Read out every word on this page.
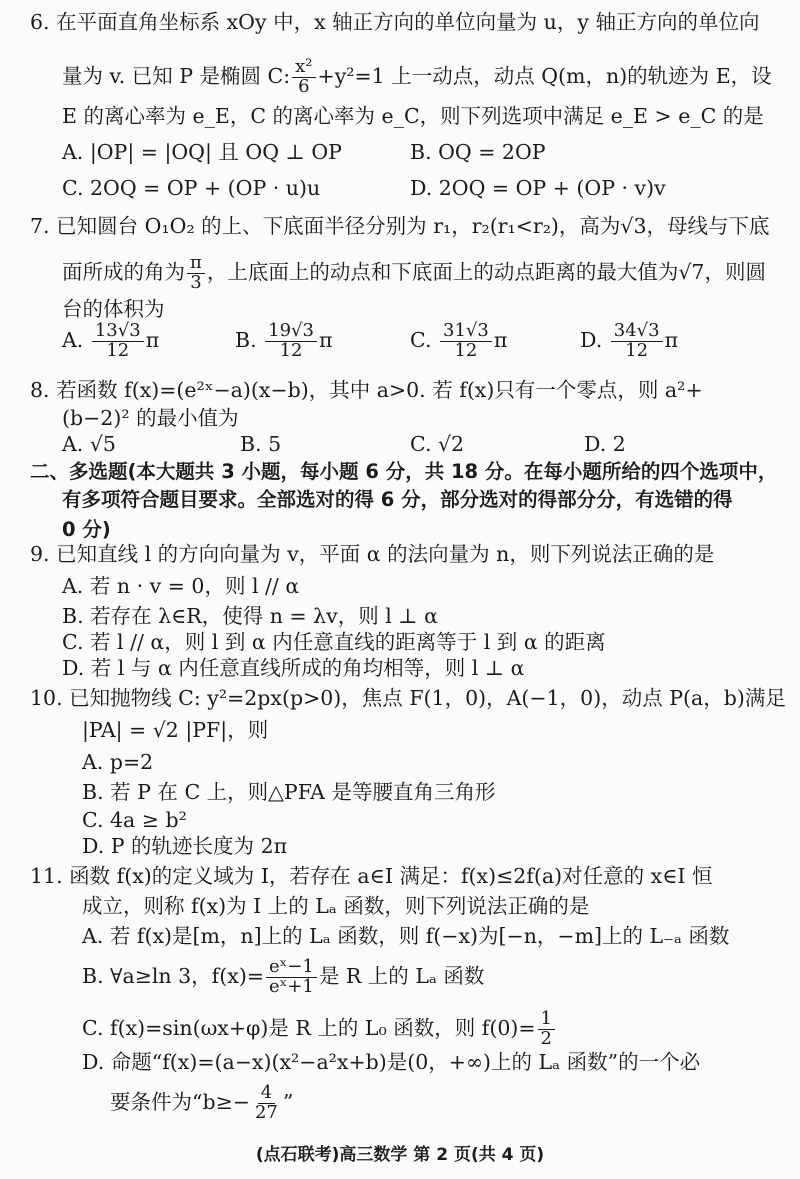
6. 在平面直角坐标系 xOy 中，x 轴正方向的单位向量为 u，y 轴正方向的单位向
量为 v. 已知 P 是椭圆 C: $\frac{\text{x²}}{6} +y^2=1$ 上一动点，动点 Q(m，n)的轨迹为 E，设
E 的离心率为 e_E，C 的离心率为 e_C，则下列选项中满足 e_E > e_C 的是
A. |OP| = |OQ| 且 OQ ⊥ OP	B. OQ = 2OP
C. 2OQ = OP + (OP · u)u	D. 2OQ = OP + (OP · v)v
7. 已知圆台 O₁O₂ 的上、下底面半径分别为 r₁，r₂(r₁<r₂)，高为√3，母线与下底
面所成的角为 $\frac{\pi}{3}$ ，上底面上的动点和下底面上的动点距离的最大值为√7，则圆
台的体积为
A. $\frac{13√3}{12}$ π	B. $\frac{19√3}{12}$ π	C. $\frac{31√3}{12}$ π	D. $\frac{34√3}{12}$ π
8. 若函数 f(x)=(e²ˣ−a)(x−b)，其中 a>0. 若 f(x)只有一个零点，则 a²+
(b−2)² 的最小值为
A. √5	B. 5	C. √2	D. 2
二、多选题(本大题共 3 小题，每小题 6 分，共 18 分。在每小题所给的四个选项中，
有多项符合题目要求。全部选对的得 6 分，部分选对的得部分分，有选错的得
0 分)
9. 已知直线 l 的方向向量为 v，平面 α 的法向量为 n，则下列说法正确的是
A. 若 n · v = 0，则 l // α
B. 若存在 λ∈R，使得 n = λv，则 l ⊥ α
C. 若 l // α，则 l 到 α 内任意直线的距离等于 l 到 α 的距离
D. 若 l 与 α 内任意直线所成的角均相等，则 l ⊥ α
10. 已知抛物线 C: y²=2px(p>0)，焦点 F(1，0)，A(−1，0)，动点 P(a，b)满足
|PA| = √2 |PF|，则
A. p=2
B. 若 P 在 C 上，则△PFA 是等腰直角三角形
C. 4a ≥ b²
D. P 的轨迹长度为 2π
11. 函数 f(x)的定义域为 I，若存在 a∈I 满足：f(x)≤2f(a)对任意的 x∈I 恒
成立，则称 f(x)为 I 上的 Lₐ 函数，则下列说法正确的是
A. 若 f(x)是[m，n]上的 Lₐ 函数，则 f(−x)为[−n，−m]上的 L₋ₐ 函数
B. ∀a≥ln 3，$f(x)= \frac{\text{eˣ−1}}{\text{eˣ+1}}$ 是 R 上的 Lₐ 函数
C. f(x)=sin(ωx+φ)是 R 上的 L₀ 函数，则 $f(0)= \frac{1}{2}$
D. 命题“f(x)=(a−x)(x²−a²x+b)是(0，+∞)上的 Lₐ 函数”的一个必
要条件为“$b\ge- \frac{4}{27}$ ”
(点石联考)高三数学 第 2 页(共 4 页)
